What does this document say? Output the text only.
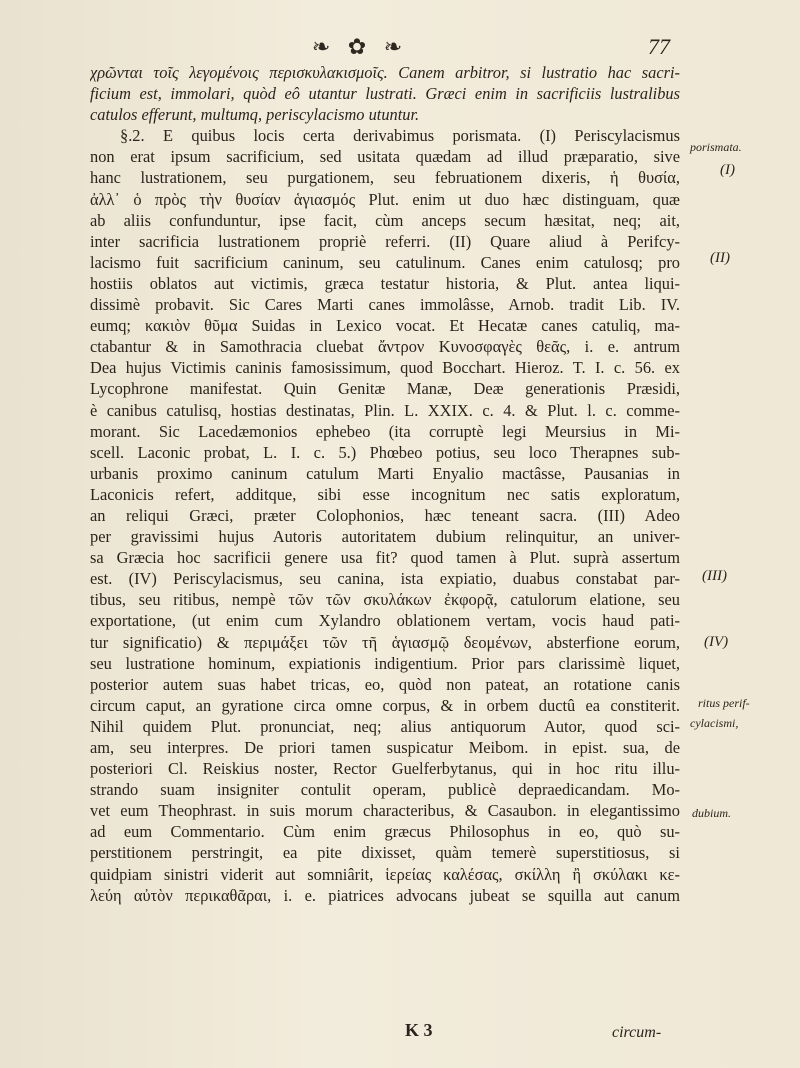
❧ ✿ ❧	77
χρῶνται τοῖς λεγομένοις περισκυλακισμοῖς. Canem arbitror, si lustratio hac sacri-
ficium est, immolari, quòd eô utantur lustrati. Græci enim in sacrificiis lustralibus
catulos efferunt, multumq, periscylacismo utuntur.
§.2. E quibus locis certa derivabimus porismata. (I) Periscylacismus
non erat ipsum sacrificium, sed usitata quædam ad illud præparatio, sive
hanc lustrationem, seu purgationem, seu februationem dixeris, ἡ θυσία,
ἀλλ᾽ ὁ πρὸς τὴν θυσίαν ἁγιασμός Plut. enim ut duo hæc distinguam, quæ
ab aliis confunduntur, ipse facit, cùm anceps secum hæsitat, neq; ait,
inter sacrificia lustrationem propriè referri. (II) Quare aliud à Perifcy-
lacismo fuit sacrificium caninum, seu catulinum. Canes enim catulosq; pro
hostiis oblatos aut victimis, græca testatur historia, & Plut. antea liqui-
dissimè probavit. Sic Cares Marti canes immolâsse, Arnob. tradit Lib. IV.
eumq; κακιὸν θῦμα Suidas in Lexico vocat. Et Hecatæ canes catuliq, ma-
ctabantur & in Samothracia cluebat ἄντρον Κυνοσφαγὲς θεᾶς, i. e. antrum
Dea hujus Victimis caninis famosissimum, quod Bocchart. Hieroz. T. I. c. 56. ex
Lycophrone manifestat. Quin Genitæ Manæ, Deæ generationis Præsidi,
è canibus catulisq, hostias destinatas, Plin. L. XXIX. c. 4. & Plut. l. c. comme-
morant. Sic Lacedæmonios ephebeo (ita corruptè legi Meursius in Mi-
scell. Laconic probat, L. I. c. 5.) Phœbeo potius, seu loco Therapnes sub-
urbanis proximo caninum catulum Marti Enyalio mactâsse, Pausanias in
Laconicis refert, additque, sibi esse incognitum nec satis exploratum,
an reliqui Græci, præter Colophonios, hæc teneant sacra. (III) Adeo
per gravissimi hujus Autoris autoritatem dubium relinquitur, an univer-
sa Græcia hoc sacrificii genere usa fit? quod tamen à Plut. suprà assertum
est. (IV) Periscylacismus, seu canina, ista expiatio, duabus constabat par-
tibus, seu ritibus, nempè τῶν τῶν σκυλάκων ἐκφορᾷ, catulorum elatione, seu
exportatione, (ut enim cum Xylandro oblationem vertam, vocis haud pati-
tur significatio) & περιμάξει τῶν τῆ ἁγιασμῷ δεομένων, absterfione eorum,
seu lustratione hominum, expiationis indigentium. Prior pars clarissimè liquet,
posterior autem suas habet tricas, eo, quòd non pateat, an rotatione canis
circum caput, an gyratione circa omne corpus, & in orbem ductû ea constiterit.
Nihil quidem Plut. pronunciat, neq; alius antiquorum Autor, quod sci-
am, seu interpres. De priori tamen suspicatur Meibom. in epist. sua, de
posteriori Cl. Reiskius noster, Rector Guelferbytanus, qui in hoc ritu illu-
strando suam insigniter contulit operam, publicè depraedicandam. Mo-
vet eum Theophrast. in suis morum characteribus, & Casaubon. in elegantissimo
ad eum Commentario. Cùm enim græcus Philosophus in eo, quò su-
perstitionem perstringit, ea pite dixisset, quàm temerè superstitiosus, si
quidpiam sinistri viderit aut somniârit, ἱερείας καλέσας, σκίλλη ἢ σκύλακι κε-
λεύη αὐτὸν περικαθᾶραι, i. e. piatrices advocans jubeat se squilla aut canum
porismata.
(I)
(II)
(III)
(IV)
ritus perif-
cylacismi,
dubium.
K 3	circum-
